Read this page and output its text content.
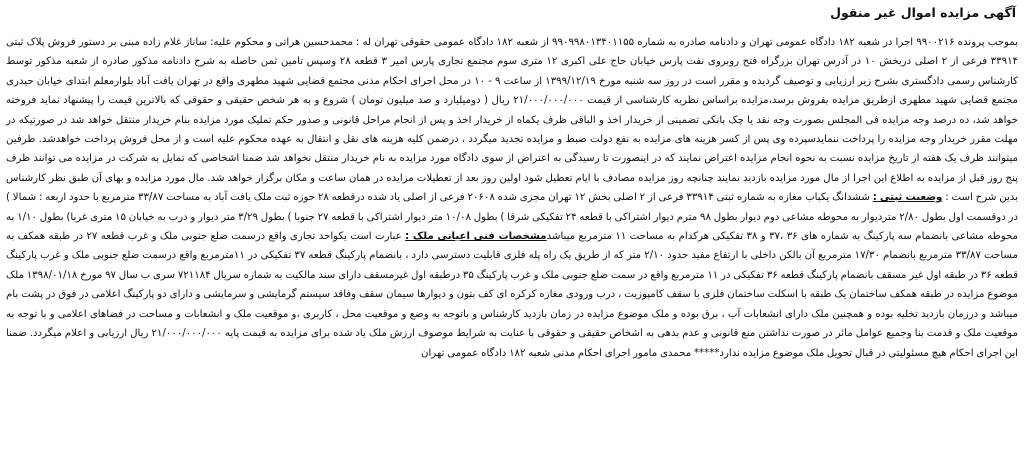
آگهی مزایده اموال غیر منقول

بموجب پرونده ۹۹۰۰۲۱۶ اجرا در شعبه ۱۸۲ دادگاه عمومی تهران و دادنامه صادره به شماره ۹۹۰۹۹۸۰۱۳۴۰۱۱۵۵ از شعبه ۱۸۲ دادگاه عمومی حقوقی تهران له : محمدحسین هراتی و محکوم علیه: ساناز غلام زاده مبنی بر دستور فروش پلاک ثبتی ۳۳۹۱۴ فرعی از ۲ اصلی دربخش ۱۰ در آدرس تهران بزرگراه فتح روبروی نفت پارس خیابان حاج علی اکبری ۱۲ متری سوم مجتمع تجاری پارس امیر ۳ قطعه ۲۸ وسپس تامین ثمن حاصله به شرح دادنامه مذکور صادره از شعبه مذکور توسط کارشناس رسمی دادگستری بشرح زیر ارزیابی و توصیف گردیده و مقرر است در روز سه شنبه مورخ ۱۳۹۹/۱۲/۱۹ از ساعت ۹ - ۱۰ در محل اجرای احکام مدنی مجتمع قضایی شهید مطهری واقع در تهران یافت آباد بلوارمعلم ابتدای خیابان حیدری مجتمع قضایی شهید مطهری ازطریق مزایده بفروش برسد،مزایده براساس نظریه کارشناسی از قیمت ۲۱/۰۰۰/۰۰۰/۰۰۰ ریال ( دومیلیارد و صد میلیون تومان ) شروع و به هر شخص حقیقی و حقوقی که بالاترین قیمت را پیشنهاد نماید فروخته خواهد شد، ده درصد وجه مزایده فی المجلس بصورت وجه نقد یا چک بانکی تضمینی از خریدار اخذ و الباقی ظرف یکماه از خریدار اخذ و پس از انجام مراحل قانونی و صدور حکم تملیک مورد مزایده بنام خریدار منتقل خواهد شد در صورتیکه در مهلت مقرر خریدار وجه مزایده را پرداخت ننمایدسپرده وی پس از کسر هزینه های مزایده به نفع دولت ضبط و مزایده تجدید میگردد ، درضمن کلیه هزینه های نقل و انتقال به عهده محکوم علیه است و از محل فروش پرداخت خواهدشد. طرفین میتوانند ظرف یک هفته از تاریخ مزایده نسبت به نحوه انجام مزایده اعتراض نمایند که در اینصورت تا رسیدگی به اعتراض از سوی دادگاه مورد مزایده به نام خریدار منتقل نخواهد شد ضمنا اشخاصی که تمایل به شرکت در مزایده می توانند ظرف پنج روز قبل از مزایده به اطلاع این اجرا از مال مورد مزایده بازدید نمایند چنانچه روز مزایده مصادف با ایام تعطیل شود اولین روز بعد از تعطیلات مزایده در همان ساعت و مکان برگزار خواهد شد. مال مورد مزایده و بهای آن طبق نظر کارشناس بدین شرح است : وضعیت ثبتی : ششدانگ یکباب مغازه به شماره ثبتی ۳۳۹۱۴ فرعی از ۲ اصلی بخش ۱۲ تهران مجزی شده ۲۰۶۰۸ فرعی از اصلی یاد شده درقطعه ۲۸ حوزه ثبت ملک یافت آباد به مساحت ۳۳/۸۷ مترمربع با حدود اربعه : شمالا ) در دوقسمت اول بطول ۲/۸۰ متردیوار به محوطه مشاعی دوم دیوار بطول ۹۸ مترم دیوار اشتراکی با قطعه ۲۴ تفکیکی شرقا ) بطول ۱۰/۰۸ متر دیوار اشتراکی با قطعه ۲۷ جنوبا ) بطول ۳/۲۹ متر دیوار و درب به خیابان ۱۵ متری غربا) بطول ۱/۱۰ به محوطه مشاعی بانضمام سه پارکینگ به شماره های ۳۶ ،۳۷ و ۳۸ تفکیکی هرکدام به مساحت ۱۱ مترمربع میباشدمشخصات فنی اعیانی ملک : عبارت است یکواحد تجاری واقع درسمت ضلع جنوبی ملک و غرب قطعه ۲۷ در طبقه همکف به مساحت ۳۳/۸۷ مترمربع بانضمام ۱۷/۳۰ مترمربع آن بالکن داخلی با ارتفاع مفید حدود ۲/۱۰ متر که از طریق یک راه پله فلزی قابلیت دسترسی دارد ، بانضمام پارکینگ قطعه ۳۷ تفکیکی در ۱۱مترمربع واقع درسمت ضلع جنوبی ملک و غرب پارکینگ قطعه ۳۶ در طبقه اول غیر مسقف بانضمام پارکینگ قطعه ۳۶ تفکیکی در ۱۱ مترمربع واقع در سمت ضلع جنوبی ملک و غرب پارکینگ ۳۵ درطبقه اول غیرمسقف دارای سند مالکیت به شماره سریال ۷۲۱۱۸۴ سری ب سال ۹۷ مورخ ۱۳۹۸/۰۱/۱۸ ملک موضوع مزایده در طبقه همکف ساختمان یک طبقه با اسکلت ساختمان فلزی با سقف کامپوزیت ، درب ورودی مغازه کرکره ای کف بتون و دیوارها سیمان سقف وفاقد سیستم گرمایشی و سرمایشی و دارای دو پارکینگ اعلامی در فوق در پشت بام میباشد و درزمان بازدید تخلیه بوده و همچنین ملک دارای انشعابات آب ، برق بوده و ملک موضوع مزایده در زمان بازدید کارشناس و باتوجه به وضع و موقعیت محل ، کاربری ،و موقعیت ملک و انشعابات و مساحت در فضاهای اعلامی و با توجه به موقعیت ملک و قدمت بنا وجمیع عوامل مائر در صورت نداشتن منع قانونی و عدم بدهی به اشخاص حقیقی و حقوقی با عنایت به شرایط موصوف ارزش ملک یاد شده برای مزایده به قیمت پایه ۲۱/۰۰۰/۰۰۰/۰۰۰ ریال ارزیابی و اعلام میگردد. ضمنا این اجرای احکام هیچ مسئولیتی در قبال تحویل ملک موضوع مزایده ندارد***** محمدی مامور اجرای احکام مدنی شعبه ۱۸۲ دادگاه عمومی تهران
